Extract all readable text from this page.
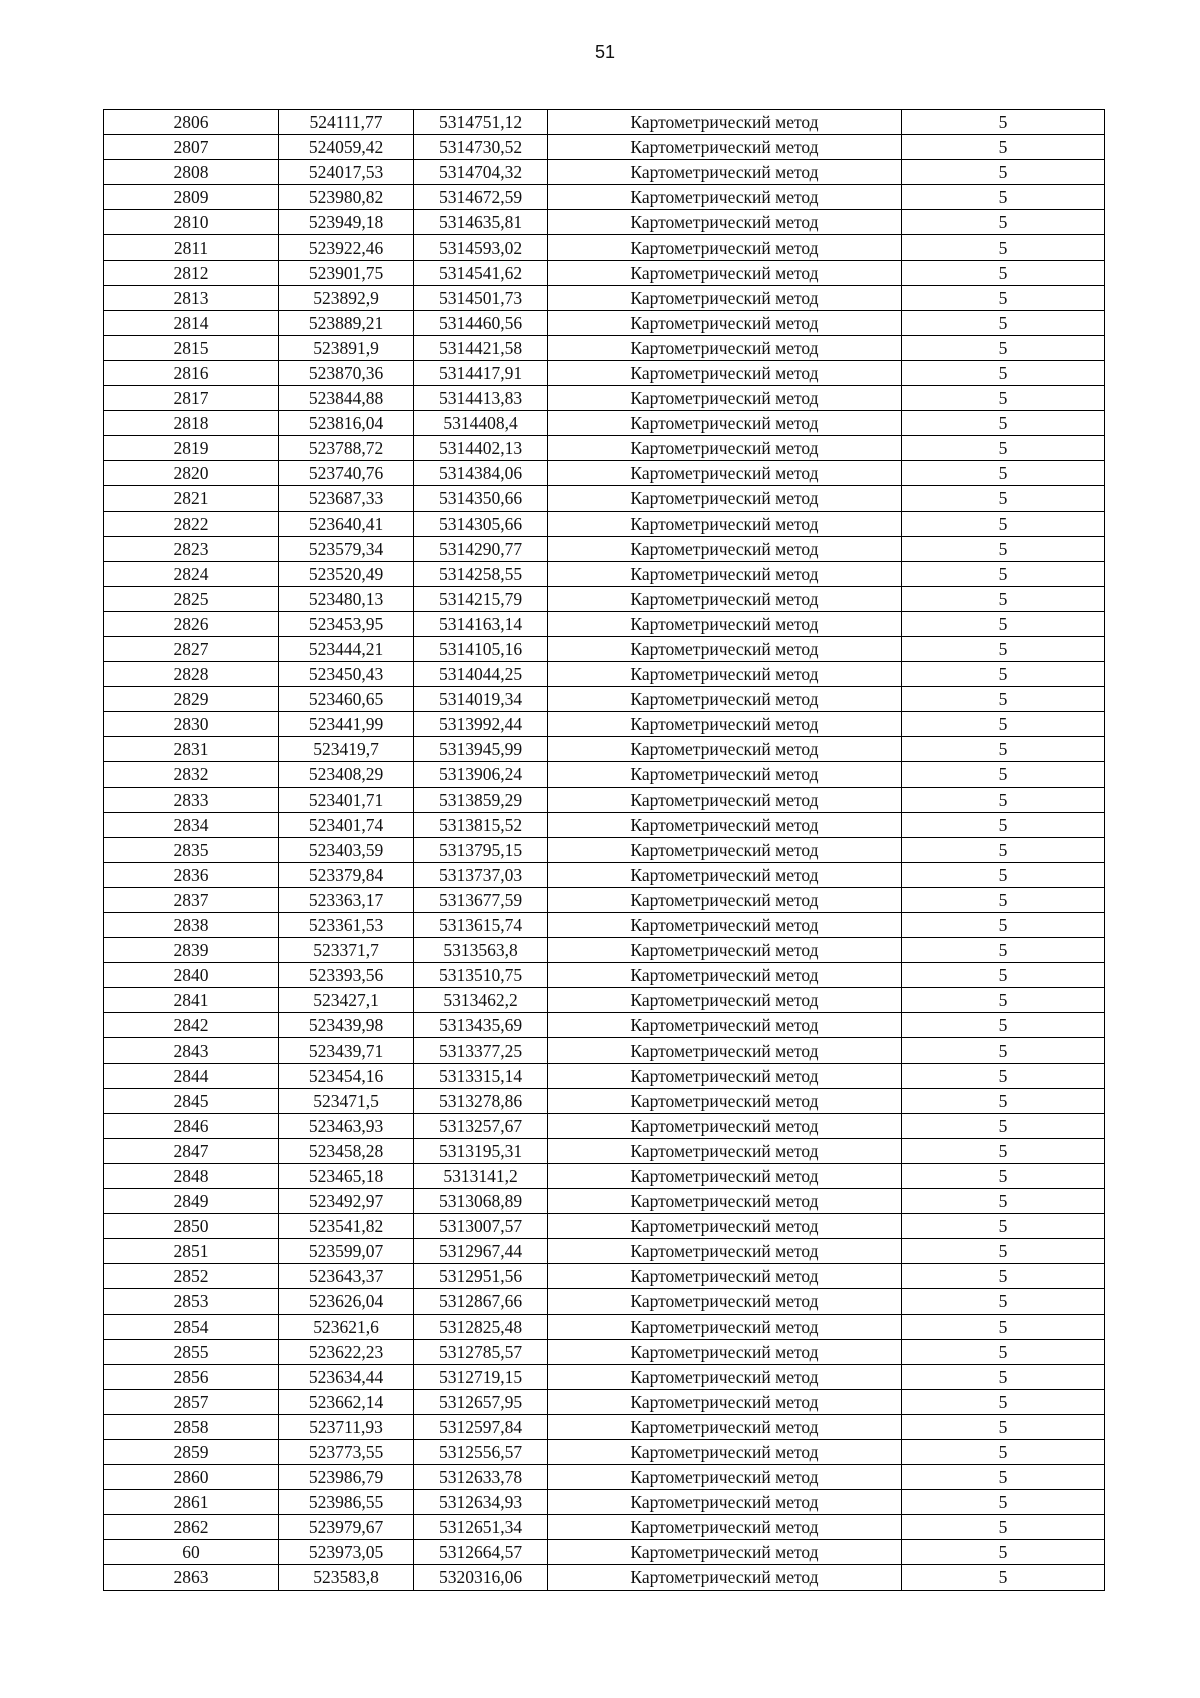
51
2806	524111,77	5314751,12	Картометрический метод	5
2807	524059,42	5314730,52	Картометрический метод	5
2808	524017,53	5314704,32	Картометрический метод	5
2809	523980,82	5314672,59	Картометрический метод	5
2810	523949,18	5314635,81	Картометрический метод	5
2811	523922,46	5314593,02	Картометрический метод	5
2812	523901,75	5314541,62	Картометрический метод	5
2813	523892,9	5314501,73	Картометрический метод	5
2814	523889,21	5314460,56	Картометрический метод	5
2815	523891,9	5314421,58	Картометрический метод	5
2816	523870,36	5314417,91	Картометрический метод	5
2817	523844,88	5314413,83	Картометрический метод	5
2818	523816,04	5314408,4	Картометрический метод	5
2819	523788,72	5314402,13	Картометрический метод	5
2820	523740,76	5314384,06	Картометрический метод	5
2821	523687,33	5314350,66	Картометрический метод	5
2822	523640,41	5314305,66	Картометрический метод	5
2823	523579,34	5314290,77	Картометрический метод	5
2824	523520,49	5314258,55	Картометрический метод	5
2825	523480,13	5314215,79	Картометрический метод	5
2826	523453,95	5314163,14	Картометрический метод	5
2827	523444,21	5314105,16	Картометрический метод	5
2828	523450,43	5314044,25	Картометрический метод	5
2829	523460,65	5314019,34	Картометрический метод	5
2830	523441,99	5313992,44	Картометрический метод	5
2831	523419,7	5313945,99	Картометрический метод	5
2832	523408,29	5313906,24	Картометрический метод	5
2833	523401,71	5313859,29	Картометрический метод	5
2834	523401,74	5313815,52	Картометрический метод	5
2835	523403,59	5313795,15	Картометрический метод	5
2836	523379,84	5313737,03	Картометрический метод	5
2837	523363,17	5313677,59	Картометрический метод	5
2838	523361,53	5313615,74	Картометрический метод	5
2839	523371,7	5313563,8	Картометрический метод	5
2840	523393,56	5313510,75	Картометрический метод	5
2841	523427,1	5313462,2	Картометрический метод	5
2842	523439,98	5313435,69	Картометрический метод	5
2843	523439,71	5313377,25	Картометрический метод	5
2844	523454,16	5313315,14	Картометрический метод	5
2845	523471,5	5313278,86	Картометрический метод	5
2846	523463,93	5313257,67	Картометрический метод	5
2847	523458,28	5313195,31	Картометрический метод	5
2848	523465,18	5313141,2	Картометрический метод	5
2849	523492,97	5313068,89	Картометрический метод	5
2850	523541,82	5313007,57	Картометрический метод	5
2851	523599,07	5312967,44	Картометрический метод	5
2852	523643,37	5312951,56	Картометрический метод	5
2853	523626,04	5312867,66	Картометрический метод	5
2854	523621,6	5312825,48	Картометрический метод	5
2855	523622,23	5312785,57	Картометрический метод	5
2856	523634,44	5312719,15	Картометрический метод	5
2857	523662,14	5312657,95	Картометрический метод	5
2858	523711,93	5312597,84	Картометрический метод	5
2859	523773,55	5312556,57	Картометрический метод	5
2860	523986,79	5312633,78	Картометрический метод	5
2861	523986,55	5312634,93	Картометрический метод	5
2862	523979,67	5312651,34	Картометрический метод	5
60	523973,05	5312664,57	Картометрический метод	5
2863	523583,8	5320316,06	Картометрический метод	5
